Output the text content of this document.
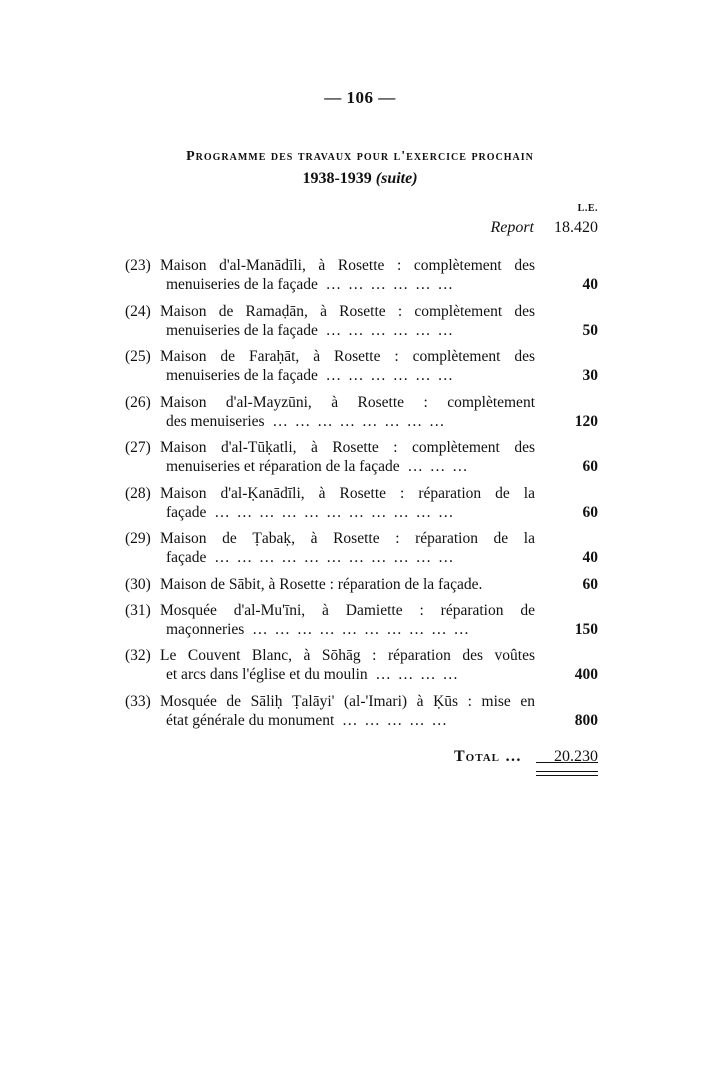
— 106 —
Programme des travaux pour l'exercice prochain
1938-1939 (suite)
L.E.
Report 18.420
(23) Maison d'al-Manādīli, à Rosette : complètement des
menuiseries de la façade … … … … … …	40
(24) Maison de Ramaḍān, à Rosette : complètement des
menuiseries de la façade … … … … … …	50
(25) Maison de Faraḥāt, à Rosette : complètement des
menuiseries de la façade … … … … … …	30
(26) Maison d'al-Mayzūni, à Rosette : complètement
des menuiseries … … … … … … … …	120
(27) Maison d'al-Tūḳatli, à Rosette : complètement des
menuiseries et réparation de la façade … … …	60
(28) Maison d'al-Ḳanādīli, à Rosette : réparation de la
façade … … … … … … … … … … …	60
(29) Maison de Ṭabaḳ, à Rosette : réparation de la
façade … … … … … … … … … … …	40
(30) Maison de Sābit, à Rosette : réparation de la façade.	60
(31) Mosquée d'al-Mu'īni, à Damiette : réparation de
maçonneries … … … … … … … … … …	150
(32) Le Couvent Blanc, à Sōhāg : réparation des voûtes
et arcs dans l'église et du moulin … … … …	400
(33) Mosquée de Sāliḥ Ṭalāyi' (al-'Imari) à Ḳūs : mise en
état générale du monument … … … … …	800
Total … 20.230
